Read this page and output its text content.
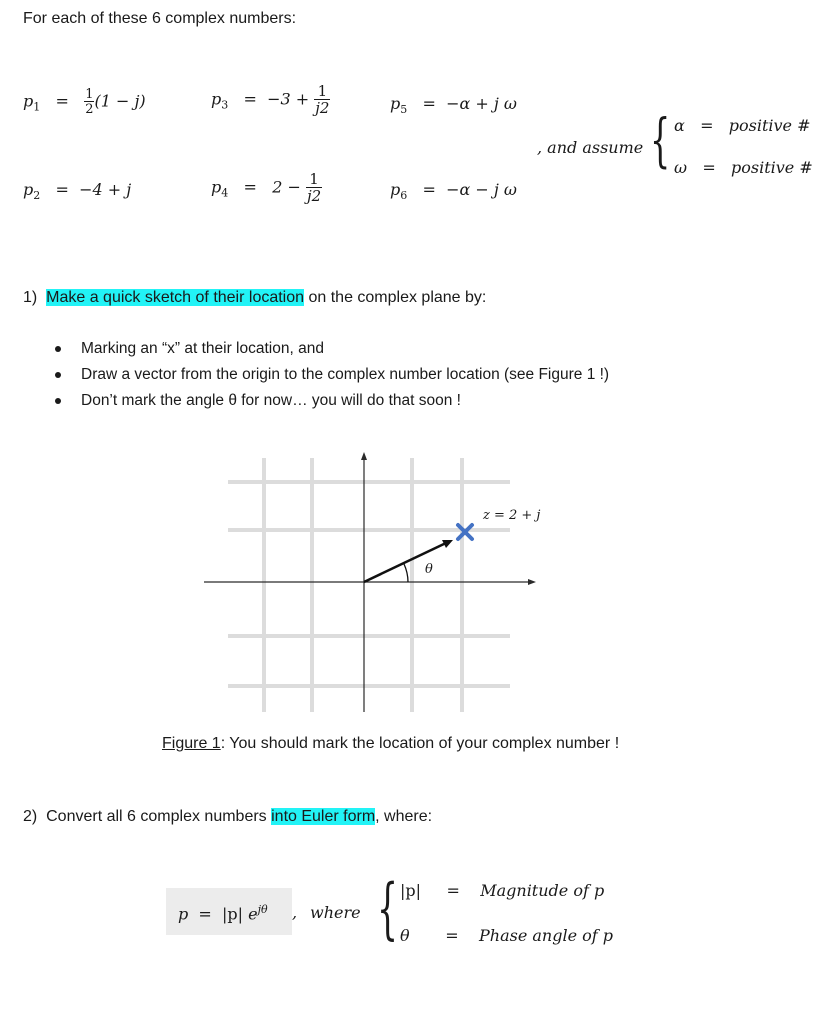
For each of these 6 complex numbers:
$p_1 = \frac{1}{2} (1 - j)$
$p_2 = -4 + j$
$p_3 = -3 + \frac{1}{j2}$
$p_4 = 2 - \frac{1}{j2}$
$p_5 = -\alpha + j$ ω
$p_6 = -\alpha - j$ ω
, and assume { α = positive #
ω = positive #
1) Make a quick sketch of their location on the complex plane by:
Marking an “x” at their location, and
Draw a vector from the origin to the complex number location (see Figure 1 !)
Don’t mark the angle θ for now… you will do that soon !
z = 2 + j
θ
Figure 1: You should mark the location of your complex number !
2) Convert all 6 complex numbers into Euler form, where:
p = |p| $e^{j\theta}$ , where { |p| = Magnitude of p
θ = Phase angle of p
